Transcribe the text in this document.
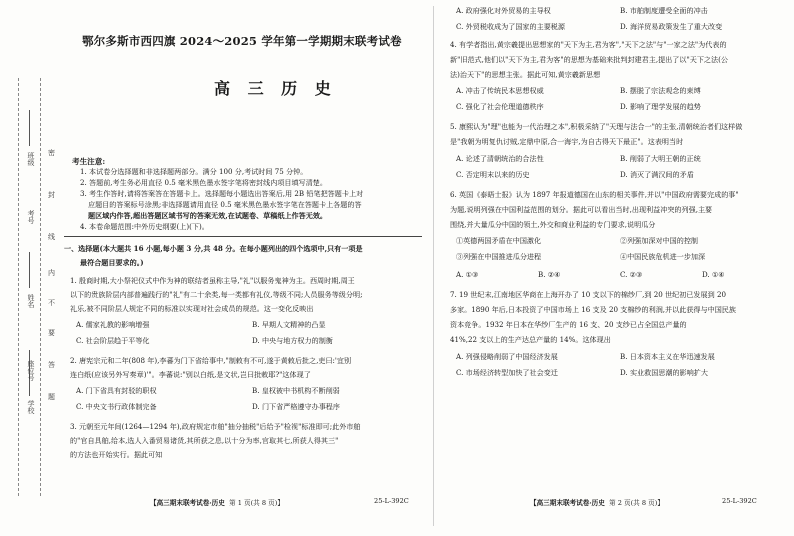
班级
姓名
考号
学校
座位号
密
封
线
内
不
要
答
题
鄂尔多斯市西四旗 2024～2025 学年第一学期期末联考试卷
高 三 历 史
考生注意:
1. 本试卷分选择题和非选择题两部分。满分 100 分,考试时间 75 分钟。
2. 答题前,考生务必用直径 0.5 毫米黑色墨水签字笔将密封线内项目填写清楚。
3. 考生作答时,请将答案答在答题卡上。选择题每小题选出答案后,用 2B 铅笔把答题卡上对
应题目的答案标号涂黑;非选择题请用直径 0.5 毫米黑色墨水签字笔在答题卡上各题的答
题区域内作答,超出答题区域书写的答案无效,在试题卷、草稿纸上作答无效。
4. 本卷命题范围:中外历史纲要(上)(下)。
一、选择题(本大题共 16 小题,每小题 3 分,共 48 分。在每小题列出的四个选项中,只有一项是
最符合题目要求的。)
1. 殷商时期,大小祭祀仪式中作为神的联结者虽称主导,"礼"以服务鬼神为主。西周时期,周王
以下的贵族阶层内部普遍践行的"礼"有二十余类,每一类都有礼仪,等级不同;人员服务等级分明;
礼乐,被不同阶层人规定不同的标准以实现对社会成员的规范。这一变化反映出
A. 儒家礼教的影响增强	B. 早期人文精神的凸显
C. 社会阶层趋于平等化	D. 中央与地方权力的制衡
2. 唐宪宗元和二年(808 年),李蕃为门下省给事中,"制敕有不可,遂于黄敕后批之,吏曰:'宜别
连白纸(应该另外写奏章)'"。李蕃说:"别以白纸,是文状,岂曰批敕耶?"这体现了
A. 门下省具有封驳的职权	B. 皇权被中书机构不断削弱
C. 中央文书行政体制完备	D. 门下省严格遵守办事程序
3. 元朝至元年间(1264—1294 年),政府规定市舶"抽分抽税"后给予"检视"标准即可;此外市舶
的"官自具舶,给本,选人入番贸易诸货,其所获之息,以十分为率,官取其七,所获人得其三"
的方法也开始实行。据此可知
【高三期末联考试卷·历史 第 1 页(共 8 页)】	25-L-392C
A. 政府强化对外贸易的主导权	B. 市舶制度遭受全面的冲击
C. 外贸税收成为了国家的主要税源	D. 海洋贸易政策发生了重大改变
4. 有学者指出,黄宗羲提出思想家的"天下为主,君为客","天下之法"与"一家之法"为代表的
新"旧范式,他们以"天下为主,君为客"的思想为基础来批判封建君主,提出了以"天下之法(公
法)治天下"的思想主张。据此可知,黄宗羲新思想
A. 冲击了传统民本思想权威	B. 摆脱了宗法观念的束缚
C. 强化了社会伦理道德秩序	D. 影响了理学发展的趋势
5. 康熙认为"理"也能为一代治理之本",积极采纳了"天理与法合一"的主张,清朝统治者们这样做
是"我朝为明复仇讨贼,定鼎中原,合一海宇,为自古得天下最正"。这表明当时
A. 论述了清朝统治的合法性	B. 削弱了大明王朝的正统
C. 否定明末以来的历史	D. 消灭了满汉间的矛盾
6. 英国《泰晤士报》认为 1897 年报道德国在山东的相关事件,并以"中国政府需要完成的事"
为题,说明列强在中国利益范围的划分。据此可以看出当时,出现利益冲突的列强,主要
围绕,并大量瓜分中国的领土,外交和商业利益的专门要求,说明瓜分
①英德两国矛盾在中国激化	②列强加深对中国的控制
③列强在中国推进瓜分进程	④中国民族危机进一步加深
A. ①③	B. ②④	C. ②③	D. ①④
7. 19 世纪末,江南地区华商在上海开办了 10 支以下的棉纱厂,到 20 世纪初已发展到 20
多家。1890 年后,日本投资了中国市场上 16 支及 20 支棉纱的利润,并以此获得与中国民族
资本竞争。1932 年日本在华纱厂生产的 16 支、20 支纱已占全国总产量的
41%,22 支以上的生产达总产量的 14%。这体现出
A. 列强侵略削弱了中国经济发展	B. 日本资本主义在华迅速发展
C. 市场经济转型加快了社会变迁	D. 实业救国思潮的影响扩大
【高三期末联考试卷·历史 第 2 页(共 8 页)】	25-L-392C
